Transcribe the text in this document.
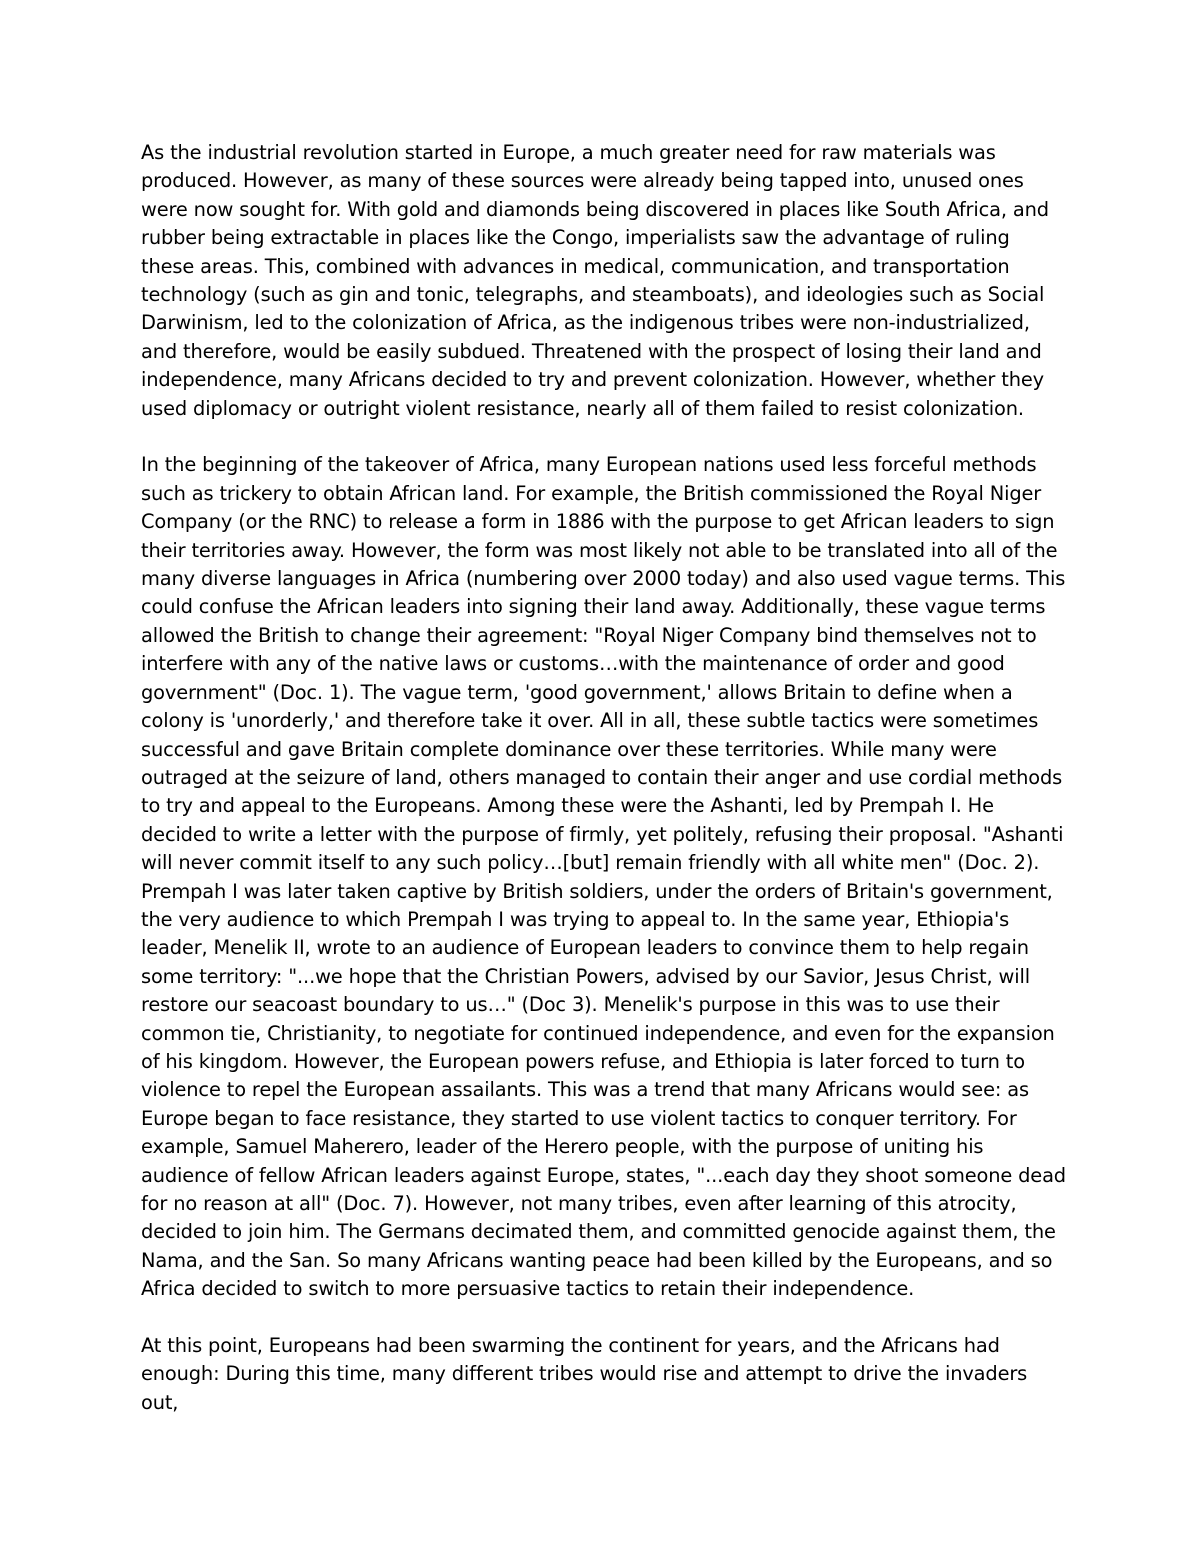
As the industrial revolution started in Europe, a much greater need for raw materials was produced. However, as many of these sources were already being tapped into, unused ones were now sought for. With gold and diamonds being discovered in places like South Africa, and rubber being extractable in places like the Congo, imperialists saw the advantage of ruling these areas. This, combined with advances in medical, communication, and transportation technology (such as gin and tonic, telegraphs, and steamboats), and ideologies such as Social Darwinism, led to the colonization of Africa, as the indigenous tribes were non-industrialized, and therefore, would be easily subdued. Threatened with the prospect of losing their land and independence, many Africans decided to try and prevent colonization. However, whether they used diplomacy or outright violent resistance, nearly all of them failed to resist colonization.

In the beginning of the takeover of Africa, many European nations used less forceful methods such as trickery to obtain African land. For example, the British commissioned the Royal Niger Company (or the RNC) to release a form in 1886 with the purpose to get African leaders to sign their territories away. However, the form was most likely not able to be translated into all of the many diverse languages in Africa (numbering over 2000 today) and also used vague terms. This could confuse the African leaders into signing their land away. Additionally, these vague terms allowed the British to change their agreement: "Royal Niger Company bind themselves not to interfere with any of the native laws or customs…with the maintenance of order and good government" (Doc. 1). The vague term, 'good government,' allows Britain to define when a colony is 'unorderly,' and therefore take it over. All in all, these subtle tactics were sometimes successful and gave Britain complete dominance over these territories. While many were outraged at the seizure of land, others managed to contain their anger and use cordial methods to try and appeal to the Europeans. Among these were the Ashanti, led by Prempah I. He decided to write a letter with the purpose of firmly, yet politely, refusing their proposal. "Ashanti will never commit itself to any such policy…[but] remain friendly with all white men" (Doc. 2). Prempah I was later taken captive by British soldiers, under the orders of Britain's government, the very audience to which Prempah I was trying to appeal to. In the same year, Ethiopia's leader, Menelik II, wrote to an audience of European leaders to convince them to help regain some territory: "...we hope that the Christian Powers, advised by our Savior, Jesus Christ, will restore our seacoast boundary to us…" (Doc 3). Menelik's purpose in this was to use their common tie, Christianity, to negotiate for continued independence, and even for the expansion of his kingdom. However, the European powers refuse, and Ethiopia is later forced to turn to violence to repel the European assailants. This was a trend that many Africans would see: as Europe began to face resistance, they started to use violent tactics to conquer territory. For example, Samuel Maherero, leader of the Herero people, with the purpose of uniting his audience of fellow African leaders against Europe, states, "...each day they shoot someone dead for no reason at all" (Doc. 7). However, not many tribes, even after learning of this atrocity, decided to join him. The Germans decimated them, and committed genocide against them, the Nama, and the San. So many Africans wanting peace had been killed by the Europeans, and so Africa decided to switch to more persuasive tactics to retain their independence.

At this point, Europeans had been swarming the continent for years, and the Africans had enough: During this time, many different tribes would rise and attempt to drive the invaders out,
